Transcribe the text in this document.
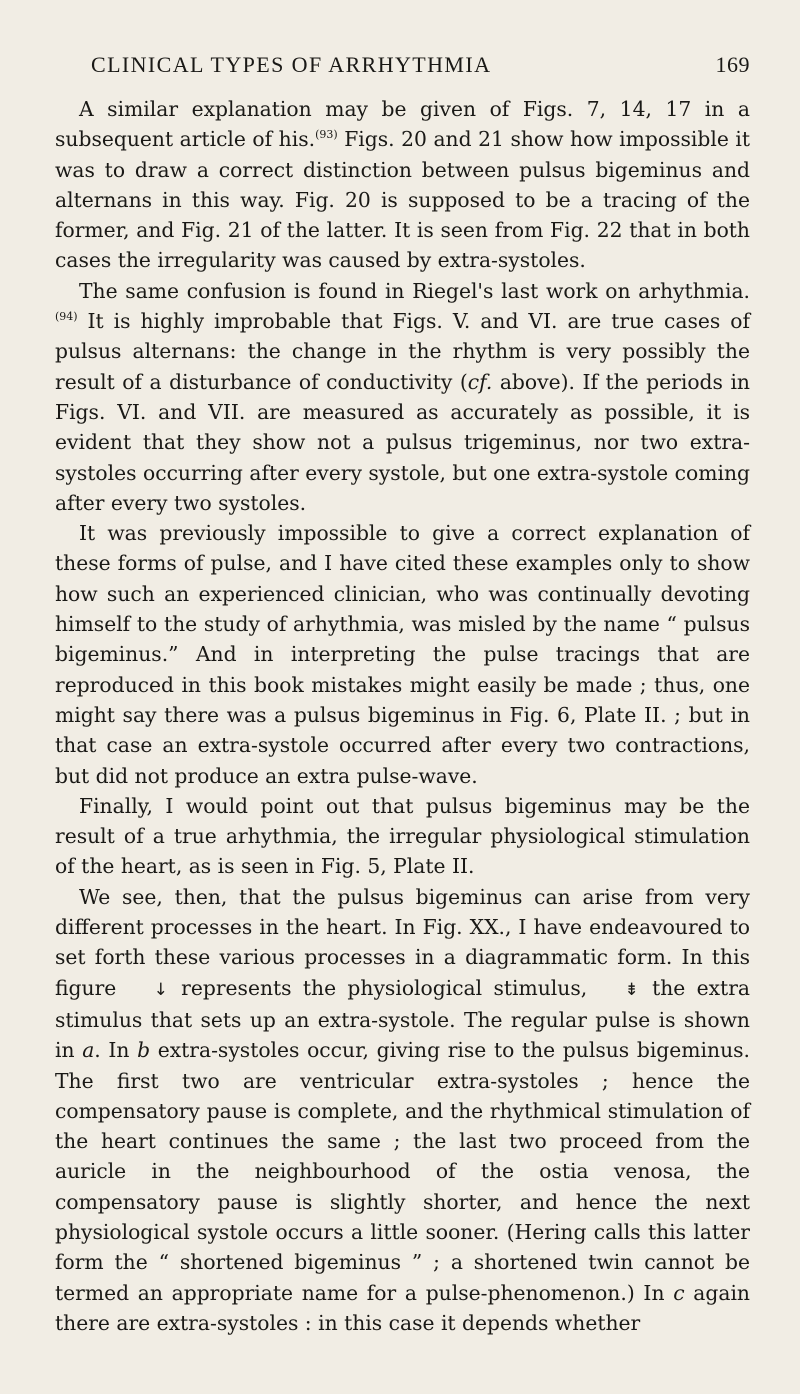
CLINICAL TYPES OF ARRHYTHMIA	169

A similar explanation may be given of Figs. 7, 14, 17 in a subsequent article of his.$^{(93)}$ Figs. 20 and 21 show how impossible it was to draw a correct distinction between pulsus bigeminus and alternans in this way. Fig. 20 is supposed to be a tracing of the former, and Fig. 21 of the latter. It is seen from Fig. 22 that in both cases the irregularity was caused by extra-systoles.

The same confusion is found in Riegel's last work on arhythmia.$^{(94)}$ It is highly improbable that Figs. V. and VI. are true cases of pulsus alternans: the change in the rhythm is very possibly the result of a disturbance of conductivity (cf. above). If the periods in Figs. VI. and VII. are measured as accurately as possible, it is evident that they show not a pulsus trigeminus, nor two extra-systoles occurring after every systole, but one extra-systole coming after every two systoles.

It was previously impossible to give a correct explanation of these forms of pulse, and I have cited these examples only to show how such an experienced clinician, who was continually devoting himself to the study of arhythmia, was misled by the name “ pulsus bigeminus.” And in interpreting the pulse tracings that are reproduced in this book mistakes might easily be made ; thus, one might say there was a pulsus bigeminus in Fig. 6, Plate II. ; but in that case an extra-systole occurred after every two contractions, but did not produce an extra pulse-wave.

Finally, I would point out that pulsus bigeminus may be the result of a true arhythmia, the irregular physiological stimulation of the heart, as is seen in Fig. 5, Plate II.

We see, then, that the pulsus bigeminus can arise from very different processes in the heart. In Fig. XX., I have endeavoured to set forth these various processes in a diagrammatic form. In this figure ↓ represents the physiological stimulus, ⇟ the extra stimulus that sets up an extra-systole. The regular pulse is shown in a. In b extra-systoles occur, giving rise to the pulsus bigeminus. The first two are ventricular extra-systoles ; hence the compensatory pause is complete, and the rhythmical stimulation of the heart continues the same ; the last two proceed from the auricle in the neighbourhood of the ostia venosa, the compensatory pause is slightly shorter, and hence the next physiological systole occurs a little sooner. (Hering calls this latter form the “ shortened bigeminus ” ; a shortened twin cannot be termed an appropriate name for a pulse-phenomenon.) In c again there are extra-systoles : in this case it depends whether
